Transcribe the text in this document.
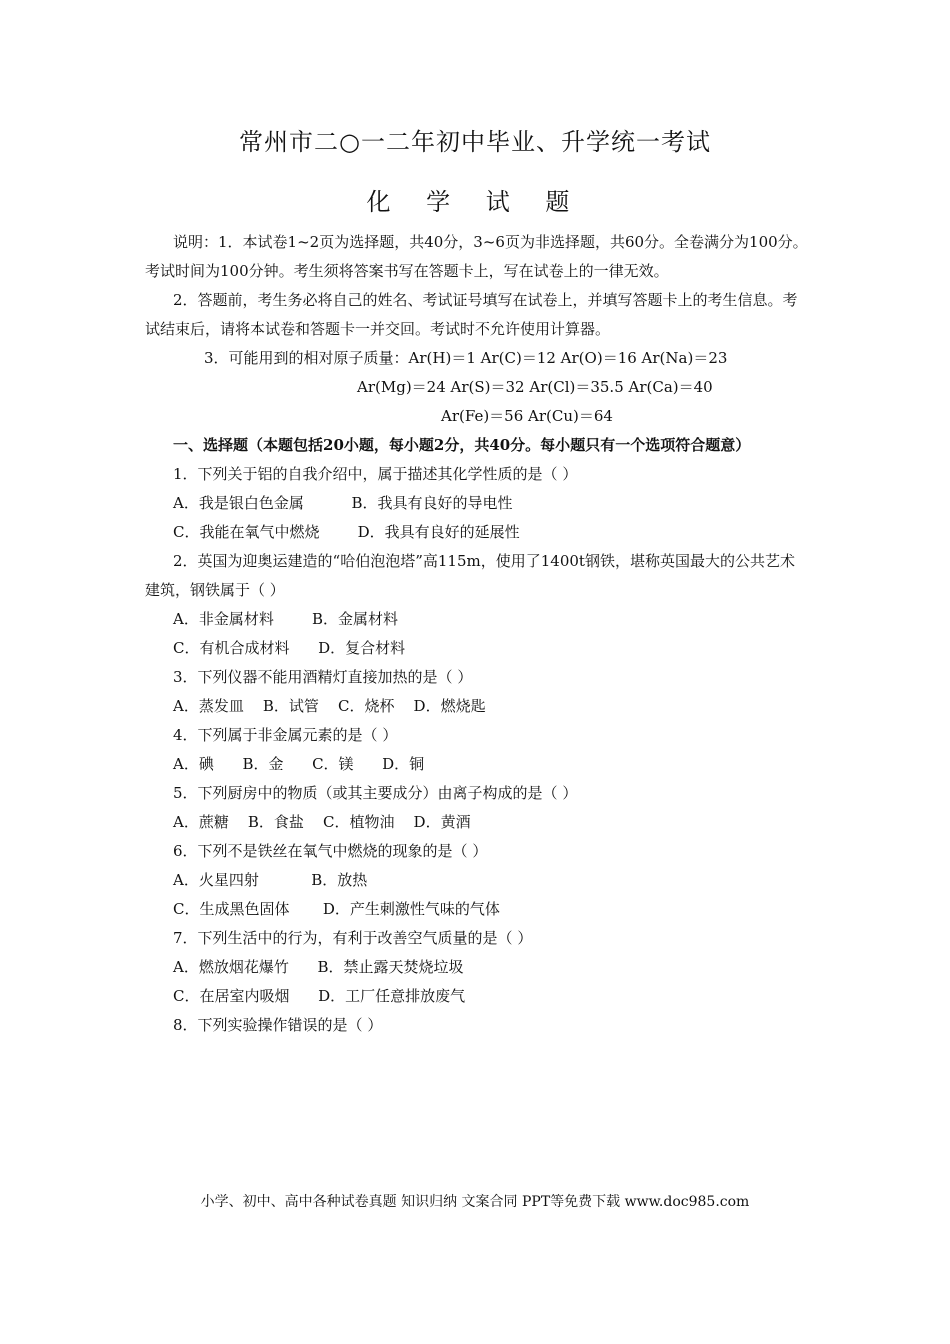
常州市二○一二年初中毕业、升学统一考试
化 学 试 题

说明：1．本试卷1~2页为选择题，共40分，3~6页为非选择题，共60分。全卷满分为100分。考试时间为100分钟。考生须将答案书写在答题卡上，写在试卷上的一律无效。

2．答题前，考生务必将自己的姓名、考试证号填写在试卷上，并填写答题卡上的考生信息。考试结束后，请将本试卷和答题卡一并交回。考试时不允许使用计算器。

3．可能用到的相对原子质量：Ar(H)＝1 Ar(C)＝12 Ar(O)＝16 Ar(Na)＝23

Ar(Mg)＝24 Ar(S)＝32 Ar(Cl)＝35.5 Ar(Ca)＝40

Ar(Fe)＝56 Ar(Cu)＝64

一、选择题（本题包括20小题，每小题2分，共40分。每小题只有一个选项符合题意）

1．下列关于铝的自我介绍中，属于描述其化学性质的是（ ）

A．我是银白色金属          B．我具有良好的导电性

C．我能在氧气中燃烧        D．我具有良好的延展性

2．英国为迎奥运建造的“哈伯泡泡塔”高115m，使用了1400t钢铁，堪称英国最大的公共艺术建筑，钢铁属于（ ）

A．非金属材料        B．金属材料

C．有机合成材料      D．复合材料

3．下列仪器不能用酒精灯直接加热的是（ ）

A．蒸发皿    B．试管    C．烧杯    D．燃烧匙

4．下列属于非金属元素的是（ ）

A．碘      B．金      C．镁      D．铜

5．下列厨房中的物质（或其主要成分）由离子构成的是（ ）

A．蔗糖    B．食盐    C．植物油    D．黄酒

6．下列不是铁丝在氧气中燃烧的现象的是（ ）

A．火星四射           B．放热

C．生成黑色固体       D．产生刺激性气味的气体

7．下列生活中的行为，有利于改善空气质量的是（ ）

A．燃放烟花爆竹      B．禁止露天焚烧垃圾

C．在居室内吸烟      D．工厂任意排放废气

8．下列实验操作错误的是（ ）

小学、初中、高中各种试卷真题 知识归纳 文案合同 PPT等免费下载 www.doc985.com
